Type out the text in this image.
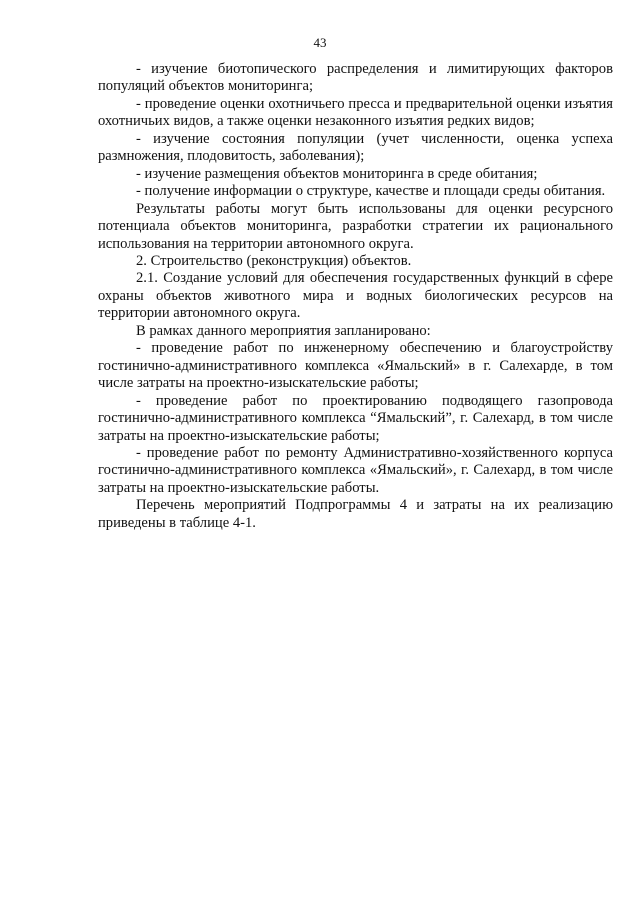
43

- изучение биотопического распределения и лимитирующих факторов популяций объектов мониторинга;

- проведение оценки охотничьего пресса и предварительной оценки изъятия охотничьих видов, а также оценки незаконного изъятия редких видов;

- изучение состояния популяции (учет численности, оценка успеха размножения, плодовитость, заболевания);

- изучение размещения объектов мониторинга в среде обитания;

- получение информации о структуре, качестве и площади среды обитания.

Результаты работы могут быть использованы для оценки ресурсного потенциала объектов мониторинга, разработки стратегии их рационального использования на территории автономного округа.

2. Строительство (реконструкция) объектов.

2.1. Создание условий для обеспечения государственных функций в сфере охраны объектов животного мира и водных биологических ресурсов на территории автономного округа.

В рамках данного мероприятия запланировано:

- проведение работ по инженерному обеспечению и благоустройству гостинично-административного комплекса «Ямальский» в г. Салехарде, в том числе затраты на проектно-изыскательские работы;

- проведение работ по проектированию подводящего газопровода гостинично-административного комплекса “Ямальский”, г. Салехард, в том числе затраты на проектно-изыскательские работы;

- проведение работ по ремонту Административно-хозяйственного корпуса гостинично-административного комплекса «Ямальский», г. Салехард, в том числе затраты на проектно-изыскательские работы.

Перечень мероприятий Подпрограммы 4 и затраты на их реализацию приведены в таблице 4-1.
